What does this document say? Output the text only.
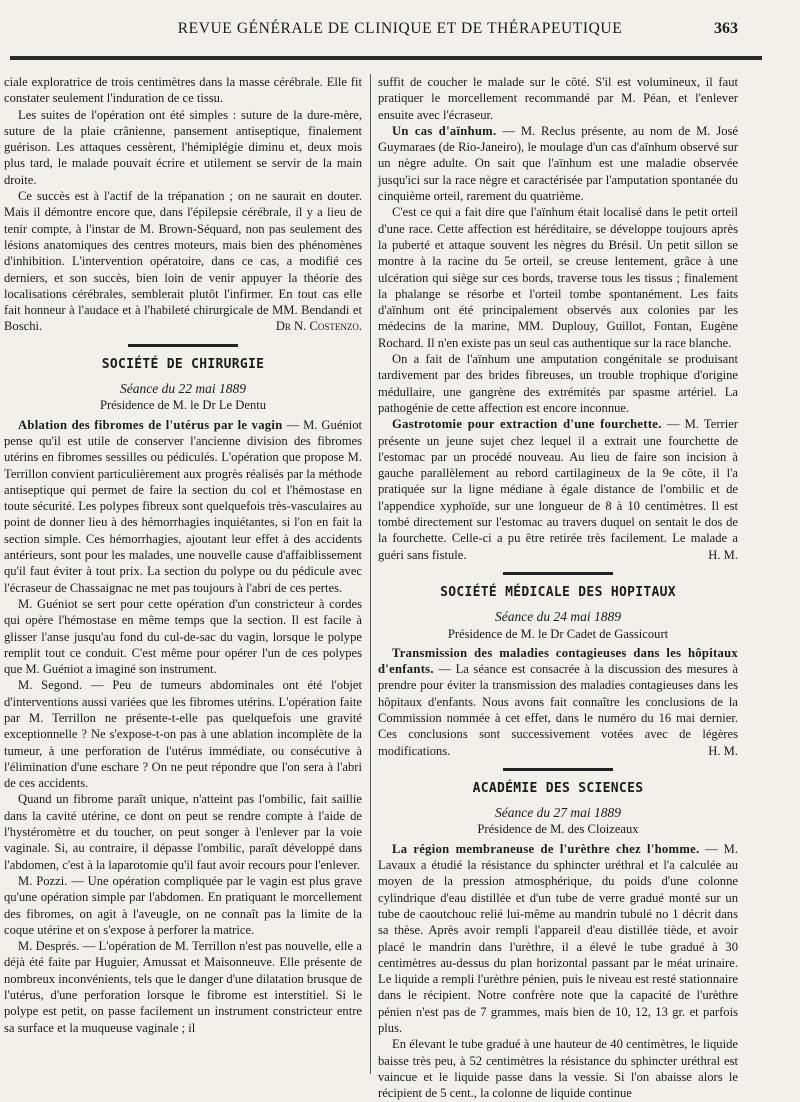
REVUE GÉNÉRALE DE CLINIQUE ET DE THÉRAPEUTIQUE	363

ciale exploratrice de trois centimètres dans la masse cérébrale. Elle fit constater seulement l'induration de ce tissu.

Les suites de l'opération ont été simples : suture de la dure-mère, suture de la plaie crânienne, pansement antiseptique, finalement guérison. Les attaques cessèrent, l'hémiplégie diminu et, deux mois plus tard, le malade pouvait écrire et utilement se servir de la main droite.

Ce succès est à l'actif de la trépanation ; on ne saurait en douter. Mais il démontre encore que, dans l'épilepsie cérébrale, il y a lieu de tenir compte, à l'instar de M. Brown-Séquard, non pas seulement des lésions anatomiques des centres moteurs, mais bien des phénomènes d'inhibition. L'intervention opératoire, dans ce cas, a modifié ces derniers, et son succès, bien loin de venir appuyer la théorie des localisations cérébrales, semblerait plutôt l'infirmer. En tout cas elle fait honneur à l'audace et à l'habileté chirurgicale de MM. Bendandi et Boschi.	Dr N. Costenzo.

SOCIÉTÉ DE CHIRURGIE
Séance du 22 mai 1889
Présidence de M. le Dr Le Dentu

Ablation des fibromes de l'utérus par le vagin — M. Guéniot pense qu'il est utile de conserver l'ancienne division des fibromes utérins en fibromes sessilles ou pédiculés. L'opération que propose M. Terrillon convient particulièrement aux progrès réalisés par la méthode antiseptique qui permet de faire la section du col et l'hémostase en toute sécurité. Les polypes fibreux sont quelquefois très-vasculaires au point de donner lieu à des hémorrhagies inquiétantes, si l'on en fait la section simple. Ces hémorrhagies, ajoutant leur effet à des accidents antérieurs, sont pour les malades, une nouvelle cause d'affaiblissement qu'il faut éviter à tout prix. La section du polype ou du pédicule avec l'écraseur de Chassaignac ne met pas toujours à l'abri de ces pertes.

M. Guéniot se sert pour cette opération d'un constricteur à cordes qui opère l'hémostase en même temps que la section. Il est facile à glisser l'anse jusqu'au fond du cul-de-sac du vagin, lorsque le polype remplit tout ce conduit. C'est même pour opérer l'un de ces polypes que M. Guéniot a imaginé son instrument.

M. Segond. — Peu de tumeurs abdominales ont été l'objet d'interventions aussi variées que les fibromes utérins. L'opération faite par M. Terrillon ne présente-t-elle pas quelquefois une gravité exceptionnelle ? Ne s'expose-t-on pas à une ablation incomplète de la tumeur, à une perforation de l'utérus immédiate, ou consécutive à l'élimination d'une eschare ? On ne peut répondre que l'on sera à l'abri de ces accidents.

Quand un fibrome paraît unique, n'atteint pas l'ombilic, fait saillie dans la cavité utérine, ce dont on peut se rendre compte à l'aide de l'hystéromètre et du toucher, on peut songer à l'enlever par la voie vaginale. Si, au contraire, il dépasse l'ombilic, paraît développé dans l'abdomen, c'est à la laparotomie qu'il faut avoir recours pour l'enlever.

M. Pozzi. — Une opération compliquée par le vagin est plus grave qu'une opération simple par l'abdomen. En pratiquant le morcellement des fibromes, on agit à l'aveugle, on ne connaît pas la limite de la coque utérine et on s'expose à perforer la matrice.

M. Després. — L'opération de M. Terrillon n'est pas nouvelle, elle a déjà été faite par Huguier, Amussat et Maisonneuve. Elle présente de nombreux inconvénients, tels que le danger d'une dilatation brusque de l'utérus, d'une perforation lorsque le fibrome est interstitiel. Si le polype est petit, on passe facilement un instrument constricteur entre sa surface et la muqueuse vaginale ; il

suffit de coucher le malade sur le côté. S'il est volumineux, il faut pratiquer le morcellement recommandé par M. Péan, et l'enlever ensuite avec l'écraseur.

Un cas d'aïnhum. — M. Reclus présente, au nom de M. José Guymaraes (de Rio-Janeiro), le moulage d'un cas d'aïnhum observé sur un nègre adulte. On sait que l'aïnhum est une maladie observée jusqu'ici sur la race nègre et caractérisée par l'amputation spontanée du cinquième orteil, rarement du quatrième.

C'est ce qui a fait dire que l'aïnhum était localisé dans le petit orteil d'une race. Cette affection est héréditaire, se développe toujours après la puberté et attaque souvent les nègres du Brésil. Un petit sillon se montre à la racine du 5e orteil, se creuse lentement, grâce à une ulcération qui siège sur ces bords, traverse tous les tissus ; finalement la phalange se résorbe et l'orteil tombe spontanément. Les faits d'aïnhum ont été principalement observés aux colonies par les médecins de la marine, MM. Duplouy, Guillot, Fontan, Eugène Rochard. Il n'en existe pas un seul cas authentique sur la race blanche.

On a fait de l'aïnhum une amputation congénitale se produisant tardivement par des brides fibreuses, un trouble trophique d'origine médullaire, une gangrène des extrémités par spasme artériel. La pathogénie de cette affection est encore inconnue.

Gastrotomie pour extraction d'une fourchette. — M. Terrier présente un jeune sujet chez lequel il a extrait une fourchette de l'estomac par un procédé nouveau. Au lieu de faire son incision à gauche parallèlement au rebord cartilagineux de la 9e côte, il l'a pratiquée sur la ligne médiane à égale distance de l'ombilic et de l'appendice xyphoïde, sur une longueur de 8 à 10 centimètres. Il est tombé directement sur l'estomac au travers duquel on sentait le dos de la fourchette. Celle-ci a pu être retirée très facilement. Le malade a guéri sans fistule.	H. M.

SOCIÉTÉ MÉDICALE DES HOPITAUX
Séance du 24 mai 1889
Présidence de M. le Dr Cadet de Gassicourt

Transmission des maladies contagieuses dans les hôpitaux d'enfants. — La séance est consacrée à la discussion des mesures à prendre pour éviter la transmission des maladies contagieuses dans les hôpitaux d'enfants. Nous avons fait connaître les conclusions de la Commission nommée à cet effet, dans le numéro du 16 mai dernier. Ces conclusions sont successivement votées avec de légères modifications.	H. M.

ACADÉMIE DES SCIENCES
Séance du 27 mai 1889
Présidence de M. des Cloizeaux

La région membraneuse de l'urèthre chez l'homme. — M. Lavaux a étudié la résistance du sphincter uréthral et l'a calculée au moyen de la pression atmosphérique, du poids d'une colonne cylindrique d'eau distillée et d'un tube de verre gradué monté sur un tube de caoutchouc relié lui-même au mandrin tubulé no 1 décrit dans sa thèse. Après avoir rempli l'appareil d'eau distillée tiède, et avoir placé le mandrin dans l'urèthre, il a élevé le tube gradué à 30 centimètres au-dessus du plan horizontal passant par le méat urinaire. Le liquide a rempli l'urèthre pénien, puis le niveau est resté stationnaire dans le récipient. Notre confrère note que la capacité de l'urèthre pénien n'est pas de 7 grammes, mais bien de 10, 12, 13 gr. et parfois plus.

En élevant le tube gradué à une hauteur de 40 centimètres, le liquide baisse très peu, à 52 centimètres la résistance du sphincter uréthral est vaincue et le liquide passe dans la vessie. Si l'on abaisse alors le récipient de 5 cent., la colonne de liquide continue
